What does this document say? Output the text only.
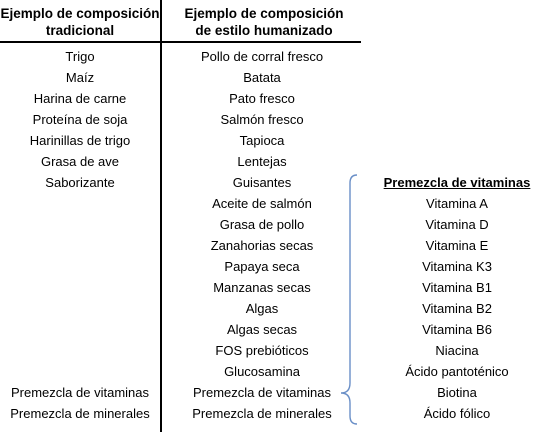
Ejemplo de composición
tradicional
Ejemplo de composición
de estilo humanizado
Trigo
Maíz
Harina de carne
Proteína de soja
Harinillas de trigo
Grasa de ave
Saborizante
Premezcla de vitaminas
Premezcla de minerales
Pollo de corral fresco
Batata
Pato fresco
Salmón fresco
Tapioca
Lentejas
Guisantes
Aceite de salmón
Grasa de pollo
Zanahorias secas
Papaya seca
Manzanas secas
Algas
Algas secas
FOS prebióticos
Glucosamina
Premezcla de vitaminas
Premezcla de minerales
Premezcla de vitaminas
Vitamina A
Vitamina D
Vitamina E
Vitamina K3
Vitamina B1
Vitamina B2
Vitamina B6
Niacina
Ácido pantoténico
Biotina
Ácido fólico
